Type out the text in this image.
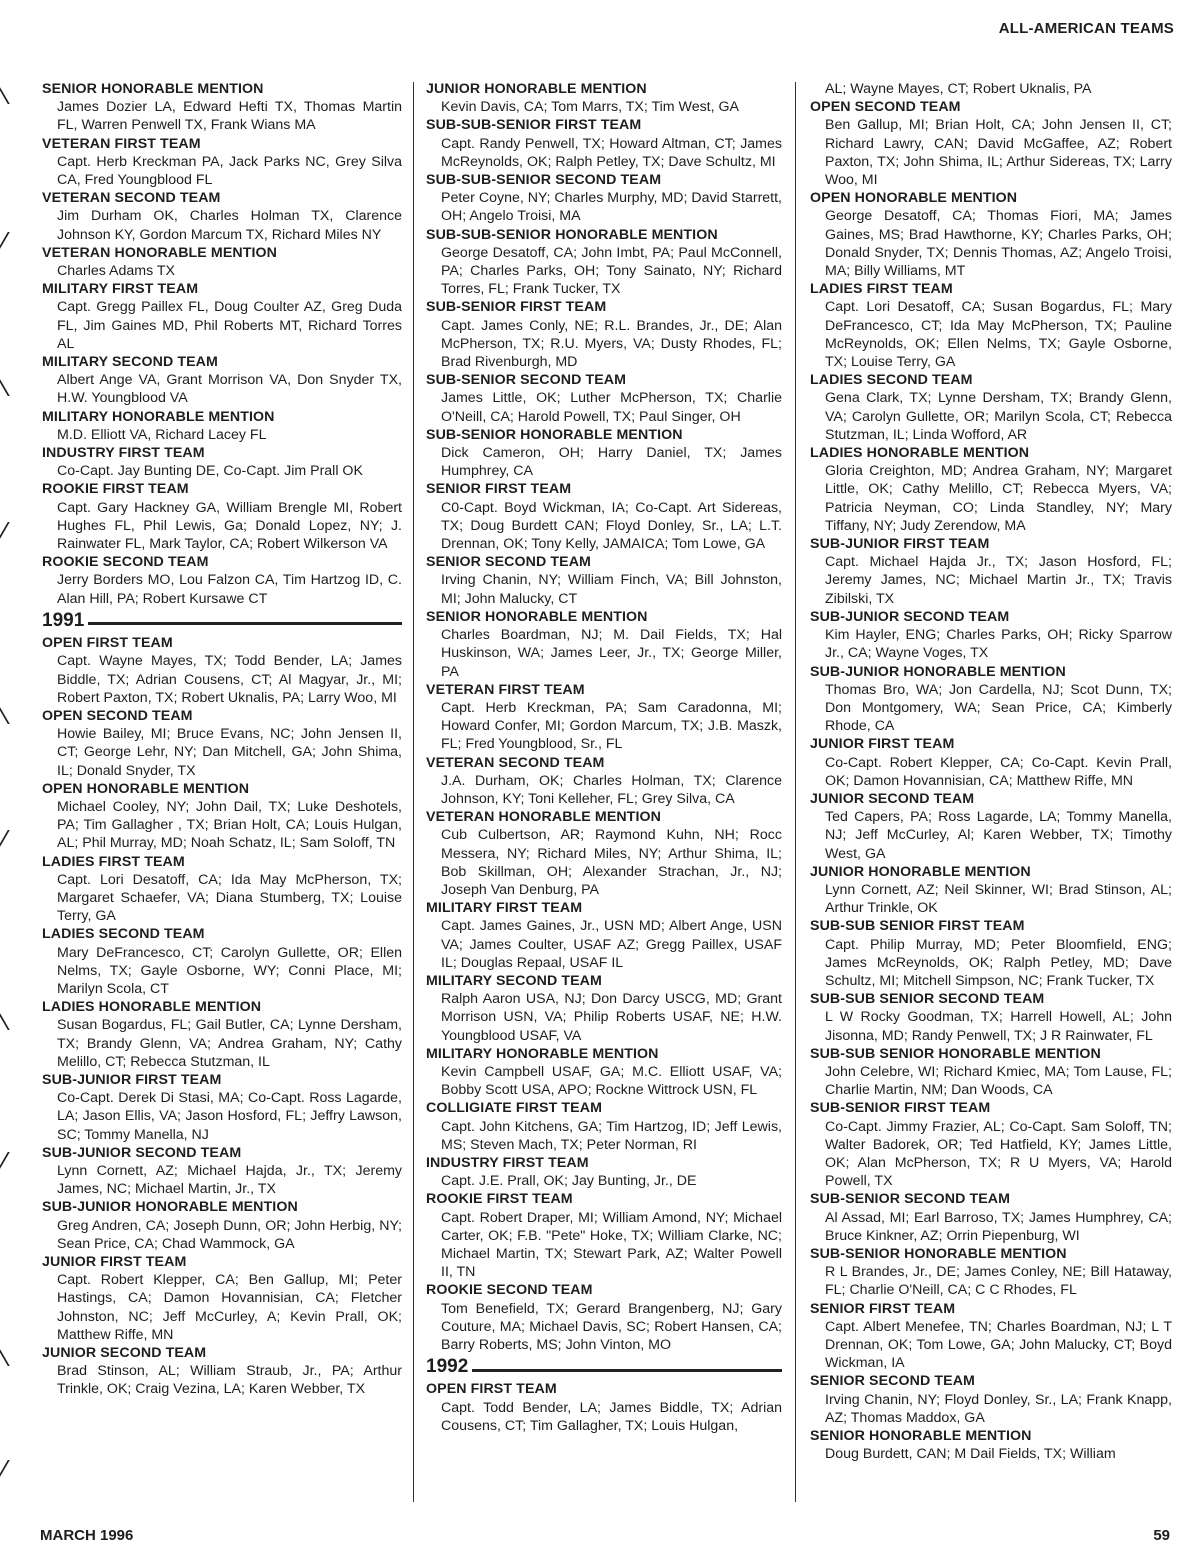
ALL-AMERICAN TEAMS
SENIOR HONORABLE MENTION
James Dozier LA, Edward Hefti TX, Thomas Martin FL, Warren Penwell TX, Frank Wians MA
VETERAN FIRST TEAM
Capt. Herb Kreckman PA, Jack Parks NC, Grey Silva CA, Fred Youngblood FL
VETERAN SECOND TEAM
Jim Durham OK, Charles Holman TX, Clarence Johnson KY, Gordon Marcum TX, Richard Miles NY
VETERAN HONORABLE MENTION
Charles Adams TX
MILITARY FIRST TEAM
Capt. Gregg Paillex FL, Doug Coulter AZ, Greg Duda FL, Jim Gaines MD, Phil Roberts MT, Richard Torres AL
MILITARY SECOND TEAM
Albert Ange VA, Grant Morrison VA, Don Snyder TX, H.W. Youngblood VA
MILITARY HONORABLE MENTION
M.D. Elliott VA, Richard Lacey FL
INDUSTRY FIRST TEAM
Co-Capt. Jay Bunting DE, Co-Capt. Jim Prall OK
ROOKIE FIRST TEAM
Capt. Gary Hackney GA, William Brengle MI, Robert Hughes FL, Phil Lewis, Ga; Donald Lopez, NY; J. Rainwater FL, Mark Taylor, CA; Robert Wilkerson VA
ROOKIE SECOND TEAM
Jerry Borders MO, Lou Falzon CA, Tim Hartzog ID, C. Alan Hill, PA; Robert Kursawe CT
1991
OPEN FIRST TEAM
Capt. Wayne Mayes, TX; Todd Bender, LA; James Biddle, TX; Adrian Cousens, CT; Al Magyar, Jr., MI; Robert Paxton, TX; Robert Uknalis, PA; Larry Woo, MI
OPEN SECOND TEAM
Howie Bailey, MI; Bruce Evans, NC; John Jensen II, CT; George Lehr, NY; Dan Mitchell, GA; John Shima, IL; Donald Snyder, TX
OPEN HONORABLE MENTION
Michael Cooley, NY; John Dail, TX; Luke Deshotels, PA; Tim Gallagher , TX; Brian Holt, CA; Louis Hulgan, AL; Phil Murray, MD; Noah Schatz, IL; Sam Soloff, TN
LADIES FIRST TEAM
Capt. Lori Desatoff, CA; Ida May McPherson, TX; Margaret Schaefer, VA; Diana Stumberg, TX; Louise Terry, GA
LADIES SECOND TEAM
Mary DeFrancesco, CT; Carolyn Gullette, OR; Ellen Nelms, TX; Gayle Osborne, WY; Conni Place, MI; Marilyn Scola, CT
LADIES HONORABLE MENTION
Susan Bogardus, FL; Gail Butler, CA; Lynne Dersham, TX; Brandy Glenn, VA; Andrea Graham, NY; Cathy Melillo, CT; Rebecca Stutzman, IL
SUB-JUNIOR FIRST TEAM
Co-Capt. Derek Di Stasi, MA; Co-Capt. Ross Lagarde, LA; Jason Ellis, VA; Jason Hosford, FL; Jeffry Lawson, SC; Tommy Manella, NJ
SUB-JUNIOR SECOND TEAM
Lynn Cornett, AZ; Michael Hajda, Jr., TX; Jeremy James, NC; Michael Martin, Jr., TX
SUB-JUNIOR HONORABLE MENTION
Greg Andren, CA; Joseph Dunn, OR; John Herbig, NY; Sean Price, CA; Chad Wammock, GA
JUNIOR FIRST TEAM
Capt. Robert Klepper, CA; Ben Gallup, MI; Peter Hastings, CA; Damon Hovannisian, CA; Fletcher Johnston, NC; Jeff McCurley, A; Kevin Prall, OK; Matthew Riffe, MN
JUNIOR SECOND TEAM
Brad Stinson, AL; William Straub, Jr., PA; Arthur Trinkle, OK; Craig Vezina, LA; Karen Webber, TX
JUNIOR HONORABLE MENTION
Kevin Davis, CA; Tom Marrs, TX; Tim West, GA
SUB-SUB-SENIOR FIRST TEAM
Capt. Randy Penwell, TX; Howard Altman, CT; James McReynolds, OK; Ralph Petley, TX; Dave Schultz, MI
SUB-SUB-SENIOR SECOND TEAM
Peter Coyne, NY; Charles Murphy, MD; David Starrett, OH; Angelo Troisi, MA
SUB-SUB-SENIOR HONORABLE MENTION
George Desatoff, CA; John Imbt, PA; Paul McConnell, PA; Charles Parks, OH; Tony Sainato, NY; Richard Torres, FL; Frank Tucker, TX
SUB-SENIOR FIRST TEAM
Capt. James Conly, NE; R.L. Brandes, Jr., DE; Alan McPherson, TX; R.U. Myers, VA; Dusty Rhodes, FL; Brad Rivenburgh, MD
SUB-SENIOR SECOND TEAM
James Little, OK; Luther McPherson, TX; Charlie O'Neill, CA; Harold Powell, TX; Paul Singer, OH
SUB-SENIOR HONORABLE MENTION
Dick Cameron, OH; Harry Daniel, TX; James Humphrey, CA
SENIOR FIRST TEAM
C0-Capt. Boyd Wickman, IA; Co-Capt. Art Sidereas, TX; Doug Burdett CAN; Floyd Donley, Sr., LA; L.T. Drennan, OK; Tony Kelly, JAMAICA; Tom Lowe, GA
SENIOR SECOND TEAM
Irving Chanin, NY; William Finch, VA; Bill Johnston, MI; John Malucky, CT
SENIOR HONORABLE MENTION
Charles Boardman, NJ; M. Dail Fields, TX; Hal Huskinson, WA; James Leer, Jr., TX; George Miller, PA
VETERAN FIRST TEAM
Capt. Herb Kreckman, PA; Sam Caradonna, MI; Howard Confer, MI; Gordon Marcum, TX; J.B. Maszk, FL; Fred Youngblood, Sr., FL
VETERAN SECOND TEAM
J.A. Durham, OK; Charles Holman, TX; Clarence Johnson, KY; Toni Kelleher, FL; Grey Silva, CA
VETERAN HONORABLE MENTION
Cub Culbertson, AR; Raymond Kuhn, NH; Rocc Messera, NY; Richard Miles, NY; Arthur Shima, IL; Bob Skillman, OH; Alexander Strachan, Jr., NJ; Joseph Van Denburg, PA
MILITARY FIRST TEAM
Capt. James Gaines, Jr., USN MD; Albert Ange, USN VA; James Coulter, USAF AZ; Gregg Paillex, USAF IL; Douglas Repaal, USAF IL
MILITARY SECOND TEAM
Ralph Aaron USA, NJ; Don Darcy USCG, MD; Grant Morrison USN, VA; Philip Roberts USAF, NE; H.W. Youngblood USAF, VA
MILITARY HONORABLE MENTION
Kevin Campbell USAF, GA; M.C. Elliott USAF, VA; Bobby Scott USA, APO; Rockne Wittrock USN, FL
COLLIGIATE FIRST TEAM
Capt. John Kitchens, GA; Tim Hartzog, ID; Jeff Lewis, MS; Steven Mach, TX; Peter Norman, RI
INDUSTRY FIRST TEAM
Capt. J.E. Prall, OK; Jay Bunting, Jr., DE
ROOKIE FIRST TEAM
Capt. Robert Draper, MI; William Amond, NY; Michael Carter, OK; F.B. "Pete" Hoke, TX; William Clarke, NC; Michael Martin, TX; Stewart Park, AZ; Walter Powell II, TN
ROOKIE SECOND TEAM
Tom Benefield, TX; Gerard Brangenberg, NJ; Gary Couture, MA; Michael Davis, SC; Robert Hansen, CA; Barry Roberts, MS; John Vinton, MO
1992
OPEN FIRST TEAM
Capt. Todd Bender, LA; James Biddle, TX; Adrian Cousens, CT; Tim Gallagher, TX; Louis Hulgan,
AL; Wayne Mayes, CT; Robert Uknalis, PA
OPEN SECOND TEAM
Ben Gallup, MI; Brian Holt, CA; John Jensen II, CT; Richard Lawry, CAN; David McGaffee, AZ; Robert Paxton, TX; John Shima, IL; Arthur Sidereas, TX; Larry Woo, MI
OPEN HONORABLE MENTION
George Desatoff, CA; Thomas Fiori, MA; James Gaines, MS; Brad Hawthorne, KY; Charles Parks, OH; Donald Snyder, TX; Dennis Thomas, AZ; Angelo Troisi, MA; Billy Williams, MT
LADIES FIRST TEAM
Capt. Lori Desatoff, CA; Susan Bogardus, FL; Mary DeFrancesco, CT; Ida May McPherson, TX; Pauline McReynolds, OK; Ellen Nelms, TX; Gayle Osborne, TX; Louise Terry, GA
LADIES SECOND TEAM
Gena Clark, TX; Lynne Dersham, TX; Brandy Glenn, VA; Carolyn Gullette, OR; Marilyn Scola, CT; Rebecca Stutzman, IL; Linda Wofford, AR
LADIES HONORABLE MENTION
Gloria Creighton, MD; Andrea Graham, NY; Margaret Little, OK; Cathy Melillo, CT; Rebecca Myers, VA; Patricia Neyman, CO; Linda Standley, NY; Mary Tiffany, NY; Judy Zerendow, MA
SUB-JUNIOR FIRST TEAM
Capt. Michael Hajda Jr., TX; Jason Hosford, FL; Jeremy James, NC; Michael Martin Jr., TX; Travis Zibilski, TX
SUB-JUNIOR SECOND TEAM
Kim Hayler, ENG; Charles Parks, OH; Ricky Sparrow Jr., CA; Wayne Voges, TX
SUB-JUNIOR HONORABLE MENTION
Thomas Bro, WA; Jon Cardella, NJ; Scot Dunn, TX; Don Montgomery, WA; Sean Price, CA; Kimberly Rhode, CA
JUNIOR FIRST TEAM
Co-Capt. Robert Klepper, CA; Co-Capt. Kevin Prall, OK; Damon Hovannisian, CA; Matthew Riffe, MN
JUNIOR SECOND TEAM
Ted Capers, PA; Ross Lagarde, LA; Tommy Manella, NJ; Jeff McCurley, Al; Karen Webber, TX; Timothy West, GA
JUNIOR HONORABLE MENTION
Lynn Cornett, AZ; Neil Skinner, WI; Brad Stinson, AL; Arthur Trinkle, OK
SUB-SUB SENIOR FIRST TEAM
Capt. Philip Murray, MD; Peter Bloomfield, ENG; James McReynolds, OK; Ralph Petley, MD; Dave Schultz, MI; Mitchell Simpson, NC; Frank Tucker, TX
SUB-SUB SENIOR SECOND TEAM
L W Rocky Goodman, TX; Harrell Howell, AL; John Jisonna, MD; Randy Penwell, TX; J R Rainwater, FL
SUB-SUB SENIOR HONORABLE MENTION
John Celebre, WI; Richard Kmiec, MA; Tom Lause, FL; Charlie Martin, NM; Dan Woods, CA
SUB-SENIOR FIRST TEAM
Co-Capt. Jimmy Frazier, AL; Co-Capt. Sam Soloff, TN; Walter Badorek, OR; Ted Hatfield, KY; James Little, OK; Alan McPherson, TX; R U Myers, VA; Harold Powell, TX
SUB-SENIOR SECOND TEAM
Al Assad, MI; Earl Barroso, TX; James Humphrey, CA; Bruce Kinkner, AZ; Orrin Piepenburg, WI
SUB-SENIOR HONORABLE MENTION
R L Brandes, Jr., DE; James Conley, NE; Bill Hataway, FL; Charlie O'Neill, CA; C C Rhodes, FL
SENIOR FIRST TEAM
Capt. Albert Menefee, TN; Charles Boardman, NJ; L T Drennan, OK; Tom Lowe, GA; John Malucky, CT; Boyd Wickman, IA
SENIOR SECOND TEAM
Irving Chanin, NY; Floyd Donley, Sr., LA; Frank Knapp, AZ; Thomas Maddox, GA
SENIOR HONORABLE MENTION
Doug Burdett, CAN; M Dail Fields, TX; William
MARCH 1996	59
